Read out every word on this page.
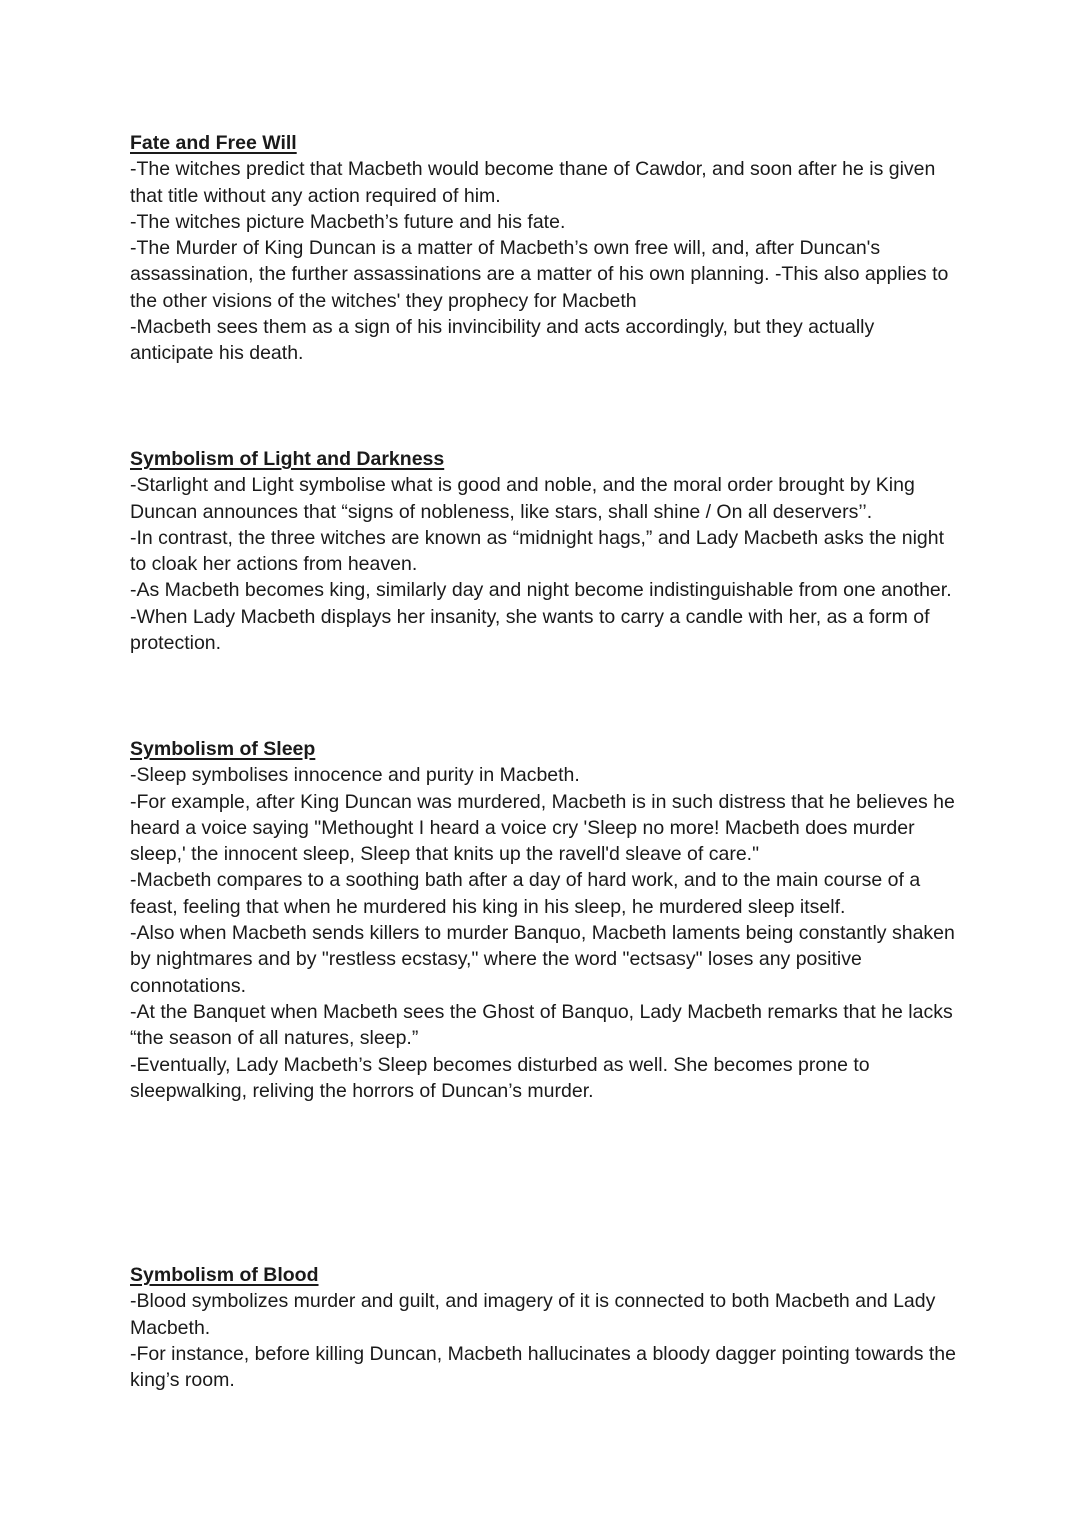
Fate and Free Will

-The witches predict that Macbeth would become thane of Cawdor, and soon after he is given that title without any action required of him.

-The witches picture Macbeth’s future and his fate.

-The Murder of King Duncan is a matter of Macbeth’s own free will, and, after Duncan's assassination, the further assassinations are a matter of his own planning. -This also applies to the other visions of the witches' they prophecy for Macbeth

-Macbeth sees them as a sign of his invincibility and acts accordingly, but they actually anticipate his death.

Symbolism of Light and Darkness

-Starlight and Light symbolise what is good and noble, and the moral order brought by King Duncan announces that “signs of nobleness, like stars, shall shine / On all deservers’’.

-In contrast, the three witches are known as “midnight hags,” and Lady Macbeth asks the night to cloak her actions from heaven.

-As Macbeth becomes king, similarly day and night become indistinguishable from one another.

-When Lady Macbeth displays her insanity, she wants to carry a candle with her, as a form of protection.

Symbolism of Sleep

-Sleep symbolises innocence and purity in Macbeth.

-For example, after King Duncan was murdered, Macbeth is in such distress that he believes he heard a voice saying "Methought I heard a voice cry 'Sleep no more! Macbeth does murder sleep,' the innocent sleep, Sleep that knits up the ravell'd sleave of care."

-Macbeth compares to a soothing bath after a day of hard work, and to the main course of a feast, feeling that when he murdered his king in his sleep, he murdered sleep itself.

-Also when Macbeth sends killers to murder Banquo, Macbeth laments being constantly shaken by nightmares and by "restless ecstasy," where the word "ectsasy" loses any positive connotations.

-At the Banquet when Macbeth sees the Ghost of Banquo, Lady Macbeth remarks that he lacks “the season of all natures, sleep.”

-Eventually, Lady Macbeth’s Sleep becomes disturbed as well. She becomes prone to sleepwalking, reliving the horrors of Duncan’s murder.

Symbolism of Blood

-Blood symbolizes murder and guilt, and imagery of it is connected to both Macbeth and Lady Macbeth.

-For instance, before killing Duncan, Macbeth hallucinates a bloody dagger pointing towards the king’s room.
